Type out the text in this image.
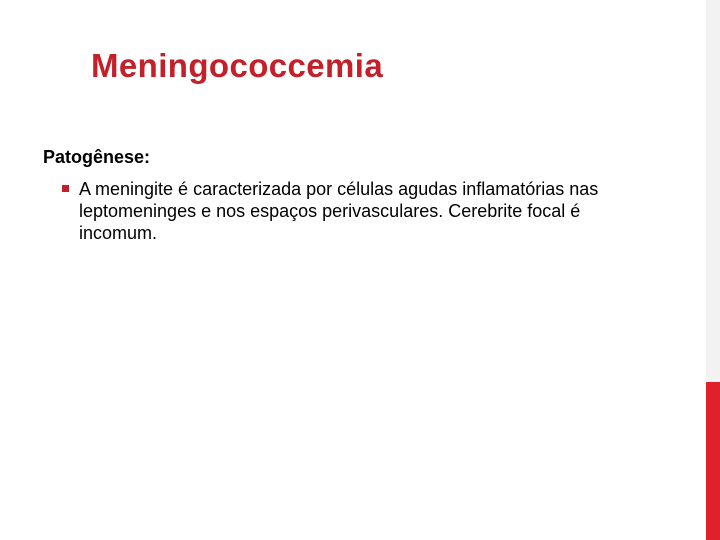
Meningococcemia

Patogênese:

A meningite é caracterizada por células agudas inflamatórias nas leptomeninges e nos espaços perivasculares. Cerebrite focal é incomum.
